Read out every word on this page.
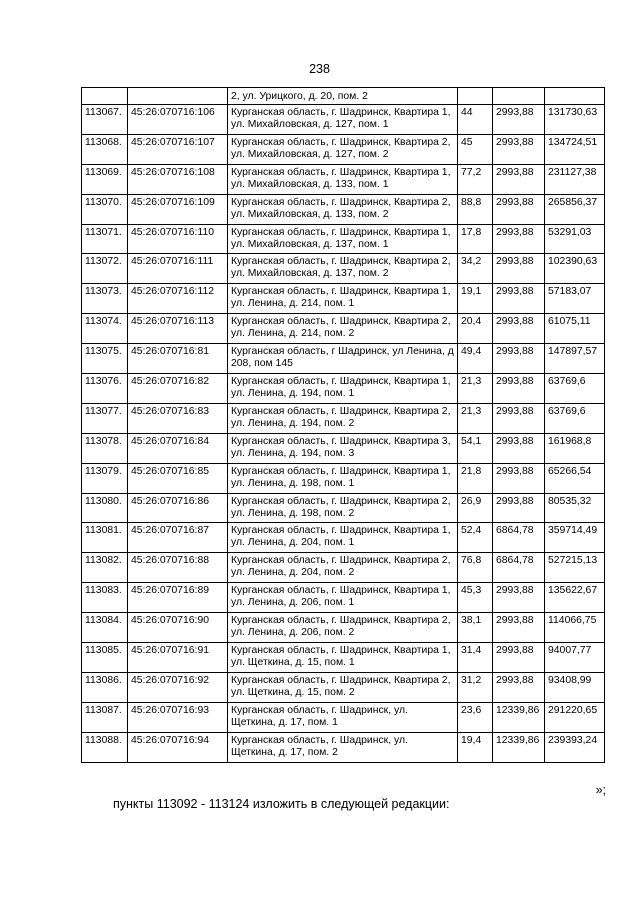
238
		2, ул. Урицкого, д. 20, пом. 2			
113067.	45:26:070716:106	Курганская область, г. Шадринск, Квартира 1, ул. Михайловская, д. 127, пом. 1	44	2993,88	131730,63
113068.	45:26:070716:107	Курганская область, г. Шадринск, Квартира 2, ул. Михайловская, д. 127, пом. 2	45	2993,88	134724,51
113069.	45:26:070716:108	Курганская область, г. Шадринск, Квартира 1, ул. Михайловская, д. 133, пом. 1	77,2	2993,88	231127,38
113070.	45:26:070716:109	Курганская область, г. Шадринск, Квартира 2, ул. Михайловская, д. 133, пом. 2	88,8	2993,88	265856,37
113071.	45:26:070716:110	Курганская область, г. Шадринск, Квартира 1, ул. Михайловская, д. 137, пом. 1	17,8	2993,88	53291,03
113072.	45:26:070716:111	Курганская область, г. Шадринск, Квартира 2, ул. Михайловская, д. 137, пом. 2	34,2	2993,88	102390,63
113073.	45:26:070716:112	Курганская область, г. Шадринск, Квартира 1, ул. Ленина, д. 214, пом. 1	19,1	2993,88	57183,07
113074.	45:26:070716:113	Курганская область, г. Шадринск, Квартира 2, ул. Ленина, д. 214, пом. 2	20,4	2993,88	61075,11
113075.	45:26:070716:81	Курганская область, г Шадринск, ул Ленина, д 208, пом 145	49,4	2993,88	147897,57
113076.	45:26:070716:82	Курганская область, г. Шадринск, Квартира 1, ул. Ленина, д. 194, пом. 1	21,3	2993,88	63769,6
113077.	45:26:070716:83	Курганская область, г. Шадринск, Квартира 2, ул. Ленина, д. 194, пом. 2	21,3	2993,88	63769,6
113078.	45:26:070716:84	Курганская область, г. Шадринск, Квартира 3, ул. Ленина, д. 194, пом. 3	54,1	2993,88	161968,8
113079.	45:26:070716:85	Курганская область, г. Шадринск, Квартира 1, ул. Ленина, д. 198, пом. 1	21,8	2993,88	65266,54
113080.	45:26:070716:86	Курганская область, г. Шадринск, Квартира 2, ул. Ленина, д. 198, пом. 2	26,9	2993,88	80535,32
113081.	45:26:070716:87	Курганская область, г. Шадринск, Квартира 1, ул. Ленина, д. 204, пом. 1	52,4	6864,78	359714,49
113082.	45:26:070716:88	Курганская область, г. Шадринск, Квартира 2, ул. Ленина, д. 204, пом. 2	76,8	6864,78	527215,13
113083.	45:26:070716:89	Курганская область, г. Шадринск, Квартира 1, ул. Ленина, д. 206, пом. 1	45,3	2993,88	135622,67
113084.	45:26:070716:90	Курганская область, г. Шадринск, Квартира 2, ул. Ленина, д. 206, пом. 2	38,1	2993,88	114066,75
113085.	45:26:070716:91	Курганская область, г. Шадринск, Квартира 1, ул. Щеткина, д. 15, пом. 1	31,4	2993,88	94007,77
113086.	45:26:070716:92	Курганская область, г. Шадринск, Квартира 2, ул. Щеткина, д. 15, пом. 2	31,2	2993,88	93408,99
113087.	45:26:070716:93	Курганская область, г. Шадринск, ул. Щеткина, д. 17, пом. 1	23,6	12339,86	291220,65
113088.	45:26:070716:94	Курганская область, г. Шадринск, ул. Щеткина, д. 17, пом. 2	19,4	12339,86	239393,24
»;
пункты 113092 - 113124 изложить в следующей редакции:
